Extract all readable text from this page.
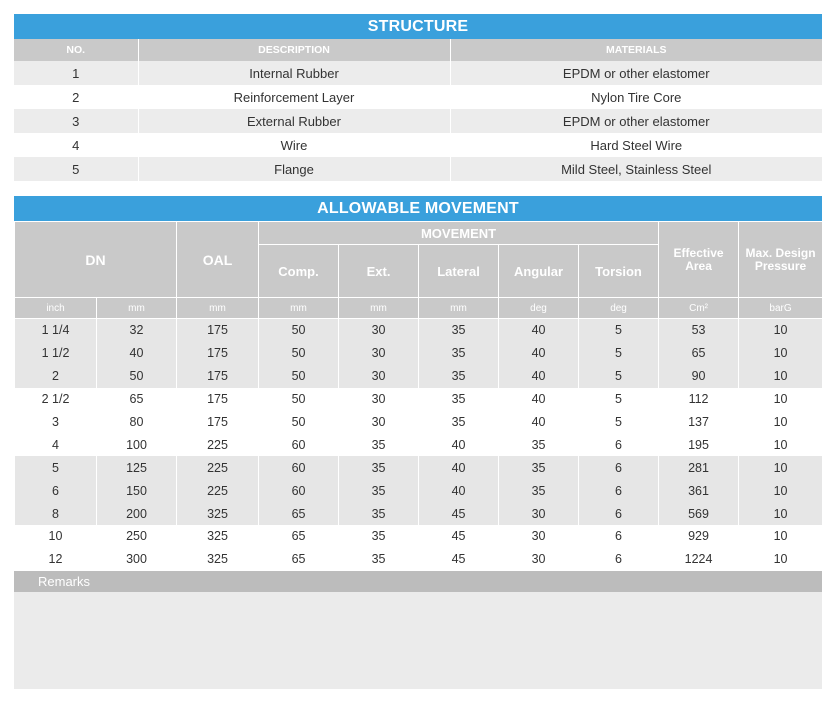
STRUCTURE
NO.	DESCRIPTION	MATERIALS
1	Internal Rubber	EPDM or other elastomer
2	Reinforcement Layer	Nylon Tire Core
3	External Rubber	EPDM or other elastomer
4	Wire	Hard Steel Wire
5	Flange	Mild Steel, Stainless Steel
ALLOWABLE MOVEMENT
DN		OAL	MOVEMENT					Effective Area	Max. Design Pressure
			Comp.	Ext.	Lateral	Angular	Torsion		
inch	mm	mm	mm	mm	mm	deg	deg	Cm²	barG
1 1/4	32	175	50	30	35	40	5	53	10
1 1/2	40	175	50	30	35	40	5	65	10
2	50	175	50	30	35	40	5	90	10
2 1/2	65	175	50	30	35	40	5	112	10
3	80	175	50	30	35	40	5	137	10
4	100	225	60	35	40	35	6	195	10
5	125	225	60	35	40	35	6	281	10
6	150	225	60	35	40	35	6	361	10
8	200	325	65	35	45	30	6	569	10
10	250	325	65	35	45	30	6	929	10
12	300	325	65	35	45	30	6	1224	10
Remarks
